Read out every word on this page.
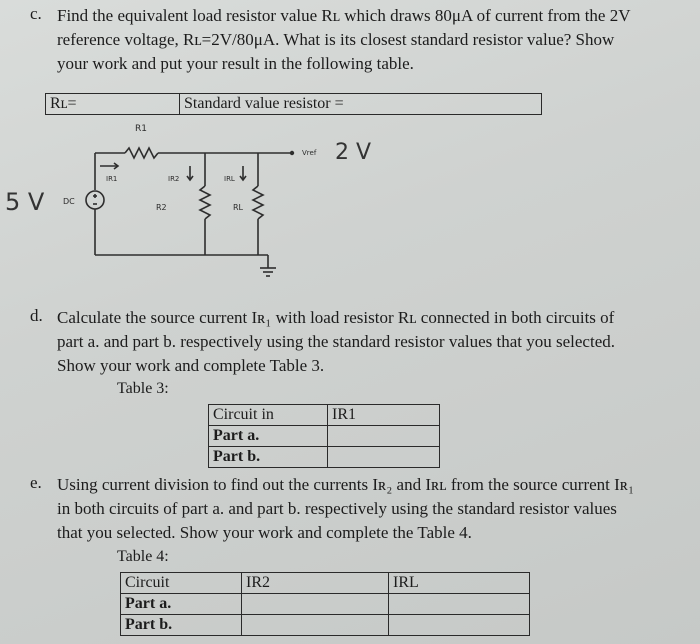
c. Find the equivalent load resistor value Rʟ which draws 80μA of current from the 2V
reference voltage, Rʟ=2V/80μA. What is its closest standard resistor value? Show
your work and put your result in the following table.
Rʟ=	Standard value resistor =
R1
IR1	IR2	IRL
R2	RL
DC
Vref
5 V
2 V
d. Calculate the source current Iʀ₁ with load resistor Rʟ connected in both circuits of
part a. and part b. respectively using the standard resistor values that you selected.
Show your work and complete Table 3.
Table 3:
Circuit in	IR1
Part a.	
Part b.	
e. Using current division to find out the currents Iʀ₂ and Iʀʟ from the source current Iʀ₁
in both circuits of part a. and part b. respectively using the standard resistor values
that you selected. Show your work and complete the Table 4.
Table 4:
Circuit	IR2	IRL
Part a.		
Part b.		
